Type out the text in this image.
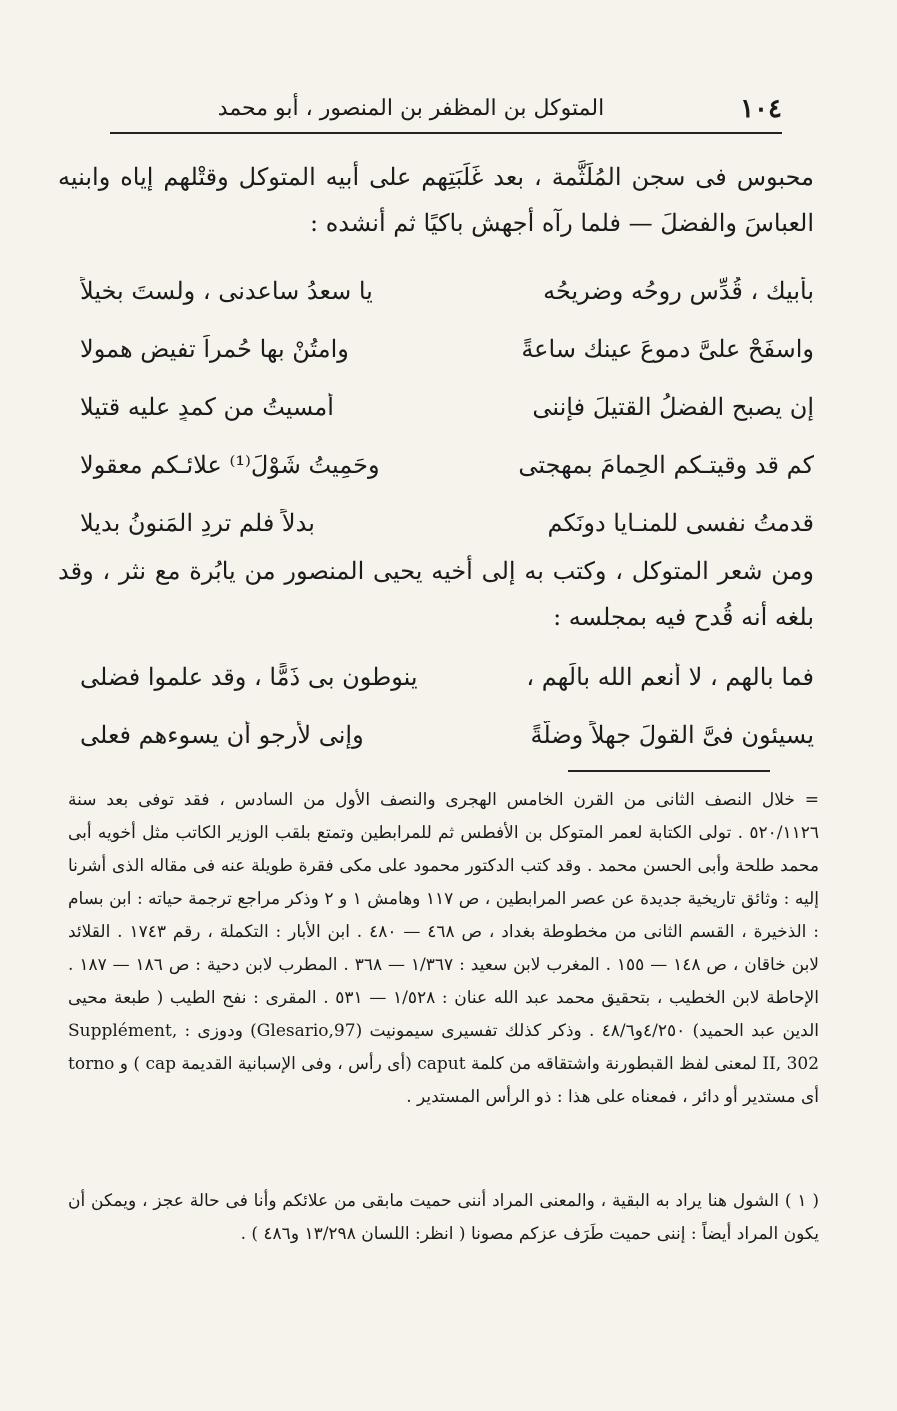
١٠٤
المتوكل بن المظفر بن المنصور ، أبو محمد
محبوس فى سجن المُلَثَّمة ، بعد غَلَبَتِهم على أبيه المتوكل وقتْلهم إياه وابنيه العباسَ والفضلَ — فلما رآه أجهش باكيًا ثم أنشده :
بأبيك ، قُدِّس روحُه وضريحُه
يا سعدُ ساعدنى ، ولستَ بخيلاً
واسفَحْ علىَّ دموعَ عينك ساعةً
وامتُنْ بها حُمراً تفيض همولا
إن يصبح الفضلُ القتيلَ فإننى
أمسيتُ من كمدٍ عليه قتيلا
كم قد وقيتـكم الحِمامَ بمهجتى
وحَمِيتُ شَوْلَ⁽¹⁾ علائـكم معقولا
قدمتُ نفسى للمنـايا دونَكم
بدلاً فلم ترِدِ المَنونُ بديلا
ومن شعر المتوكل ، وكتب به إلى أخيه يحيى المنصور من يابُرة مع نثر ، وقد بلغه أنه قُدح فيه بمجلسه :
فما بالهم ، لا أنعم الله بالَهم ،
ينوطون بى ذَمًّا ، وقد علموا فضلى
يسيئون فىَّ القولَ جهلاً وضلّةً
وإنى لأرجو أن يسوءهم فعلى
= خلال النصف الثانى من القرن الخامس الهجرى والنصف الأول من السادس ، فقد توفى بعد سنة ٥٢٠/١١٢٦ . تولى الكتابة لعمر المتوكل بن الأفطس ثم للمرابطين وتمتع بلقب الوزير الكاتب مثل أخويه أبى محمد طلحة وأبى الحسن محمد . وقد كتب الدكتور محمود على مكى فقرة طويلة عنه فى مقاله الذى أشرنا إليه : وثائق تاريخية جديدة عن عصر المرابطين ، ص ١١٧ وهامش ١ و ٢ وذكر مراجع ترجمة حياته : ابن بسام : الذخيرة ، القسم الثانى من مخطوطة بغداد ، ص ٤٦٨ — ٤٨٠ . ابن الأبار : التكملة ، رقم ١٧٤٣ . القلائد لابن خاقان ، ص ١٤٨ — ١٥٥ . المغرب لابن سعيد : ١/٣٦٧ — ٣٦٨ . المطرب لابن دحية : ص ١٨٦ — ١٨٧ . الإحاطة لابن الخطيب ، بتحقيق محمد عبد الله عنان : ١/٥٢٨ — ٥٣١ . المقرى : نفح الطيب ( طبعة محيى الدين عبد الحميد) ٤/٢٥٠و٤٨/٦ . وذكر كذلك تفسيرى سيمونيت (Glesario,97) ودوزى : Supplément, II, 302 لمعنى لفظ القبطورنة واشتقاقه من كلمة caput (أى رأس ، وفى الإسبانية القديمة cap ) و torno أى مستدير أو دائر ، فمعناه على هذا : ذو الرأس المستدير .
( ١ ) الشول هنا يراد به البقية ، والمعنى المراد أننى حميت مابقى من علائكم وأنا فى حالة عجز ، ويمكن أن يكون المراد أيضاً : إننى حميت طَرَف عزكم مصونا ( انظر: اللسان ١٣/٢٩٨ و٤٨٦ ) .
